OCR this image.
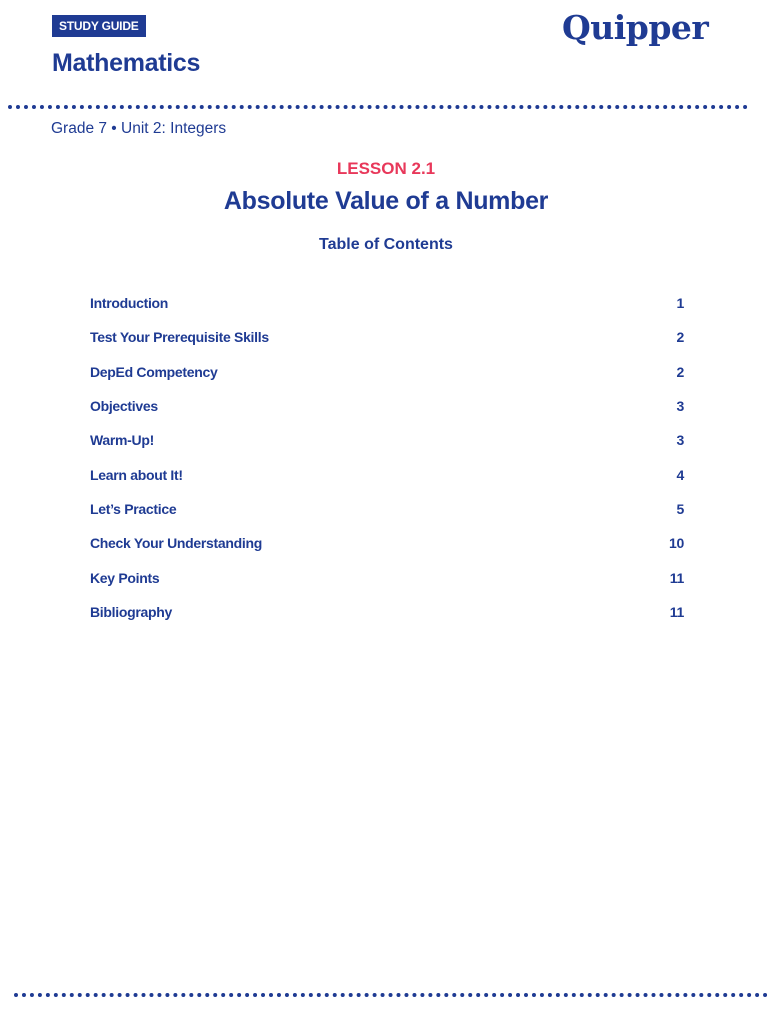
STUDY GUIDE
Mathematics
Quipper
Grade 7 • Unit 2: Integers
LESSON 2.1
Absolute Value of a Number
Table of Contents
Introduction	1
Test Your Prerequisite Skills	2
DepEd Competency	2
Objectives	3
Warm-Up!	3
Learn about It!	4
Let’s Practice	5
Check Your Understanding	10
Key Points	11
Bibliography	11
